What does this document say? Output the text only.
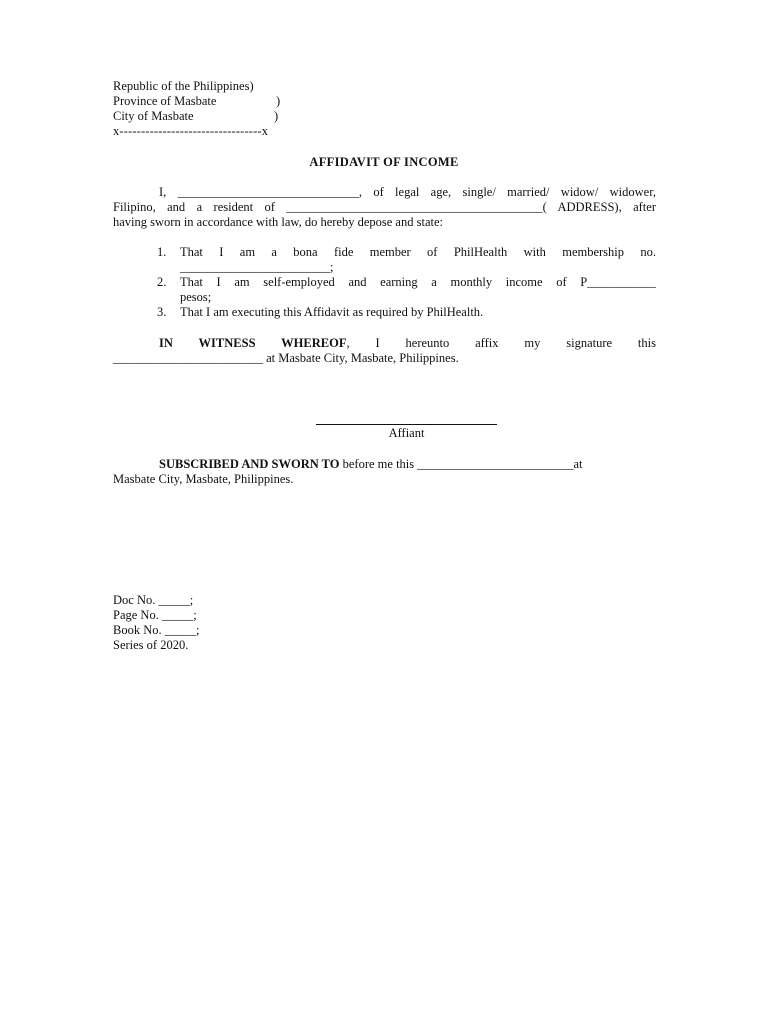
Republic of the Philippines)
Province of Masbate	)
City of Masbate	)
x---------------------------------x
AFFIDAVIT OF INCOME
I, _____________________________, of legal age, single/ married/ widow/ widower,
Filipino, and a resident of _________________________________________( ADDRESS), after
having sworn in accordance with law, do hereby depose and state:
1. That I am a bona fide member of PhilHealth with membership no.
________________________;
2. That I am self-employed and earning a monthly income of P___________
pesos;
3. That I am executing this Affidavit as required by PhilHealth.
IN WITNESS WHEREOF, I hereunto affix my signature this
________________________ at Masbate City, Masbate, Philippines.
Affiant
SUBSCRIBED AND SWORN TO before me this _________________________at
Masbate City, Masbate, Philippines.
Doc No. _____;
Page No. _____;
Book No. _____;
Series of 2020.
